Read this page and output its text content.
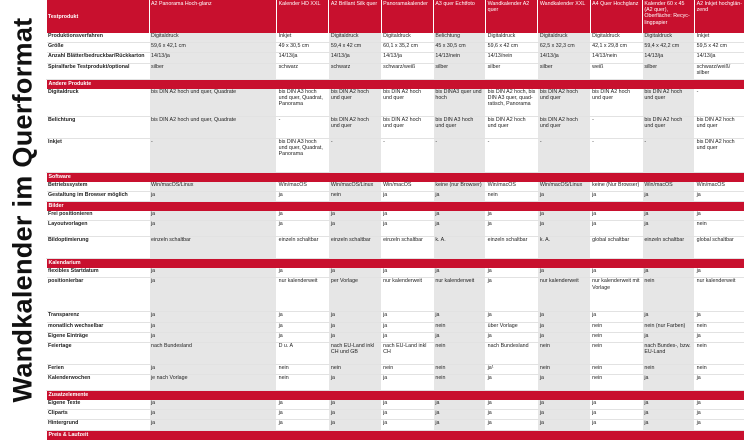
Wandkalender im Querformat
Testprodukt	A2 Panorama Hoch-glanz	Kalender HD XXL	A2 Brillant Silk quer	Panoramakalender	A3 quer Echtfoto	Wandkalender A2 quer	Wandkalender XXL	A4 Quer Hochglanz	Kalender 60 x 45 (A2 quer), Oberfläche: Recyc-lingpapier	A2 Inkjet hochglän-zend
Produktionsverfahren	Digitaldruck	Inkjet	Digitaldruck	Digitaldruck	Belichtung	Digitaldruck	Digitaldruck	Digitaldruck	Digitaldruck	Inkjet
Größe	59,6 x 42,1 cm	49 x 30,5 cm	59,4 x 42 cm	60,1 x 35,2 cm	45 x 30,5 cm	59,6 x 42 cm	62,5 x 32,3 cm	42,1 x 29,8 cm	59,4 x 42,2 cm	59,5 x 42 cm
Anzahl Blätter/bedruckbar/Rückkarton	14/13/ja	14/13/ja	14/13/ja	14/13/ja	14/13/nein	14/13/nein	14/13/ja	14/13/nein	14/13/ja	14/13/ja
Spiralfarbe Testprodukt/optional	silber	schwarz	schwarz	schwarz/weiß	silber	silber	silber	weiß	silber	schwarz/weiß/ silber
Andere Produkte										
Digitaldruck	bis DIN A2 hoch und quer, Quadrate	bis DIN A3 hoch und quer, Quadrat, Panorama	bis DIN A2 hoch und quer	bis DIN A2 hoch und quer	bis DINA3 quer und hoch	bis DIN A2 hoch, bis DIN A3 quer, quad-ratisch, Panorama	bis DIN A2 hoch und quer	bis DIN A2 hoch und quer	bis DIN A2 hoch und quer	-
Belichtung	bis DIN A2 hoch und quer, Quadrate	-	bis DIN A2 hoch und quer	bis DIN A2 hoch und quer	bis DIN A3 hoch und quer	bis DIN A2 hoch und quer	bis DIN A2 hoch und quer	-	bis DIN A2 hoch und quer	bis DIN A2 hoch und quer
Inkjet	-	bis DIN A3 hoch und quer, Quadrat, Panorama	-	-	-	-	-	-	-	bis DIN A2 hoch und quer
Software										
Betriebssystem	Win/macOS/Linux	Win/macOS	Win/macOS/Linux	Win/macOS	keine (nur Browser)	Win/macOS	Win/macOS/Linux	keine (Nur Browser)	Win/macOS	Win/macOS
Gestaltung im Browser möglich	ja	ja	nein	ja	ja	nein	ja	ja	ja	ja
Bilder										
Frei positionieren	ja	ja	ja	ja	ja	ja	ja	ja	ja	ja
Layoutvorlagen	ja	ja	ja	ja	ja	ja	ja	ja	ja	nein
Bildoptimierung	einzeln schaltbar	einzeln schaltbar	einzeln schaltbar	einzeln schaltbar	k. A.	einzeln schaltbar	k. A.	global schaltbar	einzeln schaltbar	global schaltbar
Kalendarium										
flexibles Startdatum	ja	ja	ja	ja	ja	ja	ja	ja	ja	ja
positionierbar	ja	nur kalenderweit	per Vorlage	nur kalenderweit	nur kalenderweit	ja	nur kalenderweit	nur kalenderweit mit Vorlage	nein	nur kalenderweit
Transparenz	ja	ja	ja	ja	ja	ja	ja	ja	ja	ja
monatlich wechselbar	ja	ja	ja	ja	nein	über Vorlage	ja	nein	nein (nur Farben)	nein
Eigene Einträge	ja	ja	ja	ja	ja	ja	ja	nein	ja	ja
Feiertage	nach Bundesland	D u. A	nach EU-Land inkl CH und GB	nach EU-Land inkl CH	nein	nach Bundesland	nein	nein	nach Bundes-, bzw. EU-Land	nein
Ferien	ja	nein	nein	nein	nein	ja¹	nein	nein	nein	nein
Kalenderwochen	je nach Vorlage	nein	ja	ja	nein	ja	ja	nein	ja	ja
Zusatzelemente										
Eigene Texte	ja	ja	ja	ja	ja	ja	ja	ja	ja	ja
Cliparts	ja	ja	ja	ja	ja	ja	ja	ja	ja	ja
Hintergrund	ja	ja	ja	ja	ja	ja	ja	ja	ja	ja
Preis & Laufzeit										
